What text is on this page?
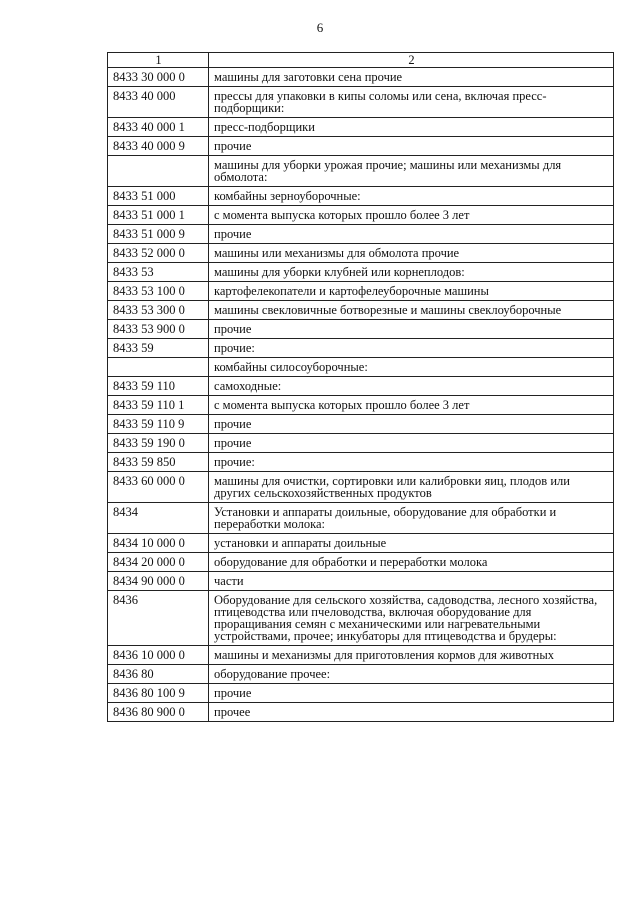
6
1	2
8433 30 000 0	машины для заготовки сена прочие
8433 40 000	прессы для упаковки в кипы соломы или сена, включая пресс-подборщики:
8433 40 000 1	пресс-подборщики
8433 40 000 9	прочие
	машины для уборки урожая прочие; машины или механизмы для обмолота:
8433 51 000	комбайны зерноуборочные:
8433 51 000 1	с момента выпуска которых прошло более 3 лет
8433 51 000 9	прочие
8433 52 000 0	машины или механизмы для обмолота прочие
8433 53	машины для уборки клубней или корнеплодов:
8433 53 100 0	картофелекопатели и картофелеуборочные машины
8433 53 300 0	машины свекловичные ботворезные и машины свеклоуборочные
8433 53 900 0	прочие
8433 59	прочие:
	комбайны силосоуборочные:
8433 59 110	самоходные:
8433 59 110 1	с момента выпуска которых прошло более 3 лет
8433 59 110 9	прочие
8433 59 190 0	прочие
8433 59 850	прочие:
8433 60 000 0	машины для очистки, сортировки или калибровки яиц, плодов или других сельскохозяйственных продуктов
8434	Установки и аппараты доильные, оборудование для обработки и переработки молока:
8434 10 000 0	установки и аппараты доильные
8434 20 000 0	оборудование для обработки и переработки молока
8434 90 000 0	части
8436	Оборудование для сельского хозяйства, садоводства, лесного хозяйства, птицеводства или пчеловодства, включая оборудование для проращивания семян с механическими или нагревательными устройствами, прочее; инкубаторы для птицеводства и брудеры:
8436 10 000 0	машины и механизмы для приготовления кормов для животных
8436 80	оборудование прочее:
8436 80 100 9	прочие
8436 80 900 0	прочее
